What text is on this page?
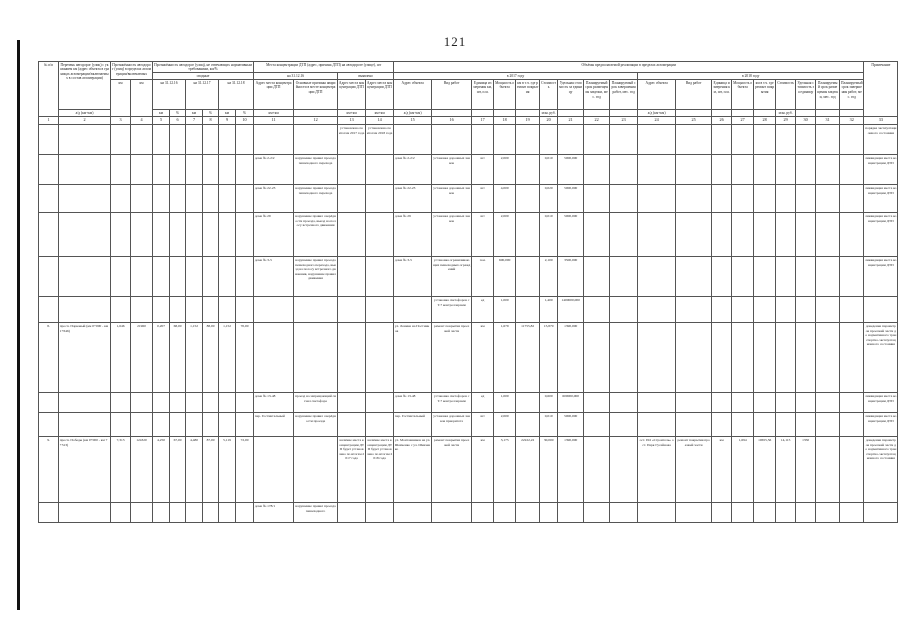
121
№ п/п	Перечень автодорог (улиц) с указанием км (адрес объекта в границах агломерации/включаемых в состав агломерации)	Протяжённость автодорог (улиц) в пределах агломерации/включаемых		Протяжённость автодорог (улиц), не отвечающих нормативным требованиям, км/%						Места концентрации ДТП (адрес, причина ДТП) на автодороге (улице), шт				Объёмы предполагаемой реализации в пределах агломерации																		Примечание
				сводные						на 31.12.16		выявлено		в 2017 году									в 2018 году									
		км	км	на 31.12.16		на 31.12.17		на 31.12.18		Адрес места концентрации ДТП	Основные причины аварийности в месте концентрации ДТП	Адрес места концентрации ДТП	Адрес места концентрации ДТП	Адрес объекта	Вид работ	Единица измерения км, шт, п.м.	Мощность объекта	км в т.ч. где ремонт покрытия	Стоимость	Удельная стоимость за единицу	Планируемый срок размещения закупки, мес. год	Планируемый срок завершения работ, мес. год	Адрес объекта	Вид работ	Единица измерения км, шт, п.м.	Мощность объекта	км в т.ч. где ремонт покрытия	Стоимость	Удельная стоимость за единицу	Планируемый срок размещения закупки, мес. год	Планируемый срок завершения работ, мес. год	
	а/д (км+км)			км	%	км	%	км	%	км+км		км+км	км+км	а/д (км+км)					млн. руб.				а/д (км+км)					млн. руб.				
1	2	3	4	5	6	7	8	9	10	11	12	13	14	15	16	17	18	19	20	21	22	23	24	25	26	27	28	29	30	31	32	33
												установлено по итогам 2017 года	установлено по итогам 2018 года																			порядка эксплуатационного состояния
										дома № 2-2/2	нарушение правил проезда пешеходного перехода			дома № 2-2/2	установка дорожных знаков	шт	2,000		0,010	5000,000												ликвидация места концентрации ДТП
										дома № 22-23	нарушение правил проезда пешеходного перехода			дома № 22-23	установка дорожных знаков	шт	4,000		0,020	5000,000												ликвидация места концентрации ДТП
										дома № 29	нарушение правил очерёдности проезда, выезд на полосу встречного движения			дома № 29	установка дорожных знаков	шт	2,000		0,010	5000,000												ликвидация места концентрации ДТП
										дома № 3-5	нарушение правил проезда пешеходного перехода, выезд на полосу встречного движения, нарушение правил движения			дома № 3-5	установка ограничивающих пешеходных ограждений	п.м.	600,000		2,100	3500,000												ликвидация места концентрации ДТП
															установка светофоров с Т.7 контроллерами	ед	1,000		1,400	1400000,000												
8.	просп. Парковый (км 0+000 - км 1+646)	1,646	21960	0,207	68,00	1,152	88,00	1,152	70,00					ул. Ленина на Постников	ремонт покрытия проезжей части	км	1,679	11755,82	15,870	1390,000												доведение параметров проезжей части до нормативного транспортно-эксплуатационного состояния
										дома № 13-48	проезд на запрещающий сигнал светофора			дома № 13-48	установка светофоров с Т.7 контроллерами	ед	1,000		0,600	600000,000												ликвидация места концентрации ДТП
										пер. Гостинтальный	нарушение правил очерёдности проезда			пер. Гостинтальный	установка дорожных знаков приоритета	шт	2,000		0,010	5000,000												ликвидация места концентрации ДТП
9.	просп. Победы (км 0+000 - км 7+313)	7,313	124320	4,250	67,00	4,480	87,00	5,119	72,00			наличие места концентрации ДТП будет установлено по итогам 2017 года	наличие места концентрации ДТП будет установлено по итогам 2018 года	ул. Монтажников на ул. Шевченко с ул. Шевченко	ремонт покрытия проезжей части	км	3,175	22222,22	30,000	1390,000			ост. ПО «Строитель» ост. Парк Гусейнова	ремонт покрытия проезжей части	км	1,694	10655,56	14,115	1350			доведение параметров проезжей части до нормативного транспортно-эксплуатационного состояния
										дома № 178/1	нарушение правил проезда пешеходного																					
